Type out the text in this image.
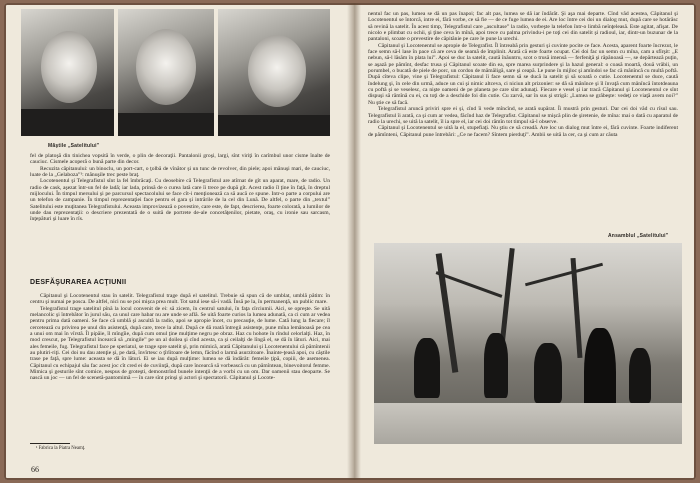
Măştile „Satelitului”

fel de platoşă din tinichea vopsită în verde, o plin de decoraţii. Pantalonii groşi, largi, sînt viriţi în carîmbul unor cisme înalte de cauciuc. Cismele acoperă o bună parte din decor.

Recuzita căpitanului: un binoclu, un port-cart, o ţolbă de vînător şi un tunc de revolver, din piele; apoi mănuşi mari, de cauciuc, luate de la „Gelaboza”¹: mănuşile trec peste braţ.

Locotenentul şi Telegrafistul sînt la fel îmbrăcaţi. Cu deosebire că Telegrafistul are atîrnat de gît un aparat, mare, de radio. Un radio de cask, aşezat într-un fel de ladă; iar lada, prinsă de o curea lată care îi trece pe după gît. Acest radio îl ţine în faţă, în dreptul mijlocului. În timpul mersului şi pe parcursul spectacolului se face cît-i menţionează ca să aucă ce spune. Intr-o parte a corpului are un telefon de campanie. În timpul reprezentaţiei face pentru el gara şi intrările de la cel din Lună. De altfel, o parte din „textul” Satelitului este muţitanea Telegrafistului. Aceasta improvizează o povestire, care este, de fapt, descrierea, foarte colorată, a lumilor de unde dau reprezentaţii: o descriere prezentată de o suită de portrete de-ale concetăţenilor, pietate, oraş, cu ironie sau sarcasm, înţepături şi luare în rîs.

DESFĂŞURAREA ACŢIUNII

Căpitanul şi Locotenentul stau în satelit. Telegrafistul trage după el satelitul. Trebuie să spun că de umblat, umblă pătim: în centru şi numai pe posca. De altfel, nici nu se poi mişca prea mult. Tot satul iese să-i vadă. Însă pe la, în permanenţă, un public mare.

Telegrafistul trage satelitul pînă la locul convenit de ei: să zicem, în centrul satului, în faţa cîrciumii. Aici, se opreşte. Se uită melancolic şi întrebător în jurul său, ca unul care habar nu are unde se află. Se uită foarte curios la lumea adunată, ca ci cum ar vedea pentru prima dată oameni. Se face că umblă şi ascultă la radio, apoi se apropie încet, cu precauţie, de lume. Cată lung la fiecare; îl cercetează cu privirea pe unul din asistenţă, după care, trece la altul. După ce dă roată întregii asistenţe, pune mîna lemânoasă pe cea a unui om mai în vîrstă. Îl pipăie, îl mîngîie, după cum omul ţine mulţime negru pe obraz. Haz cu hohote în rîndul celorlalţi. Haz, în mod crescut, pe Telegrafistul încearcă să „mingile” pe un al doilea şi cînd acesta, ca şi ceilalţi de lîngă el, se dă în lături. Aici, mai ales femeile, fug. Telegrafistul face pe speriatul, se trage spre satelit şi, prin mimică, arată Căpitanului şi Locotenentului că pămîntenii au plutiri-riţi. Cei doi nu dau atenţie şi, pe dată, învîrtesc o ţîrîitoare de lemn, făcînd o larmă asurzitoare. Înainte-ţeasă apoi, cu căştile trase pe faţă, spre lume: aceasta se dă în lături. Ei se iau după mulţime: lumea se dă îndărăt: femeile ţipă, copiii, de asemenea. Căpitanul cu echipajul său fac acest joc cît cred ei de cuviinţă, după care încearcă să vorbească cu un pămîntean, binevoitorul femme. Mimica şi gesturile sînt comice, nespus de groteşti, demonstrînd bunele intenţii de a vorbi cu un om. Dar oamenii stau deoparte. Se nască un joc — un fel de scenetă-pantomimă — în care sînt prinşi şi actori şi spectatorii. Căpitanul şi Locote-

¹ Fabrica la Piatra Neamţ.
66

nentul fac un pas, lumea se dă un pas înapoi; fac alt pas, lumea se dă iar îndărăt. Şi aşa mai departe. Cînd văd acestea, Căpitanul şi Locotenentul se întorcă, intre ei, fără vorbe, ce să fie — de ce fuge lumea de ei. Are loc între cei doi un dialog mut, după care se hotărăsc să revină la satelit. În acest timp, Telegrafistul care „ascultase” la radio, vorbeşte la telefon într-o limbă neînţeleasă. Este agitat, afişat. De nicolo e plimbat cu ochii, şi ţine ceva în mînă, apoi trece cu palma privindu-i pe toţi cei din satelit şi radioul, iar, dintr-un buzunar de la pantaloni, scoate o prevestire de căpitănie pe care le pune la urechi.

Căpitanul şi Locotenentul se apropie de Telegrafist. Îl întreabă prin gesturi şi cuvinte pocite ce face. Acesta, aparent foarte încrezut, le face semn să-l lase în pace că are ceva de seamă de împlinit. Arată că este foarte ocupat. Cei doi fac un semn cu mîna, cam a sfîrşit: „E nebun, să-l lăsăm în plata lui”. Apoi se duc la satelit, caută înăuntru, scot o trusă imensă — ferfeniţă şi răpănoasă —, se depărtează puţin, se aşază pe pămînt, desfac trusa şi Căpitanul scoate din ea, spre marea surprindere şi la hazul general: o coasă moartă, două vrăbii, un porumbel, o bucată de piele de porc, un cordon de mămăligă, sare şi ceapă. Le pune în mijloc şi amîndoi se fac că mănîncă cu multă poftă. După cîteva clipe, vine şi Telegrafistul: Căpitanul îi face semn să se ducă la satelit şi să scoată o cutie. Locotenentul se duce, caută îndelung şi, în cele din urmă, aduce un cui şi nimic altceva, ci niciun alt prizonier: se dă să mănînce şi îl învaţă cum mânîncă întotdeauna cu poftă şi se veselesc, ca nişte oameni de pe planeta pe care sînt adunaţi. Fiecare e vesel şi iar tracă Căpitanul şi Locotenentul ce sînt dispuşi să rămînă cu ei, cu toţi de a deschide foi din cutie. Cu zarvă, sar în sus şi strigă: „Lumea se grăbeşte: vedeţi ce viaţă avem noi?” Nu ştie ce să facă.

Telegrafistul aruncă priviri spre ei şi, cînd îi vede mîncînd, se arată supărat. Îi mustră prin gesturi. Dar cei doi văd cu rîsul sau. Telegrafistul îi arată, ca şi cum ar vedea, făcînd haz de Telegrafist. Căpitanul se mişcă plin de şiretenie, de mîna: mai o dată cu aparatul de radio la urechi, se uită la satelit, îl ia spre el, iar cei doi rămîn tot timpul să-l observe.

Căpitanul şi Locotenentul se uită la el, stupefiaţi. Nu ştiu ce să creadă. Are loc un dialog mut între ei, fără cuvinte. Foarte indiferent de pămînteni, Căpitanul pune întrebări: „Ce ne facem? Sîntem pierduţi”. Ambii se uită la cer, ca şi cum ar căuta

Ansamblul „Satelitului”
